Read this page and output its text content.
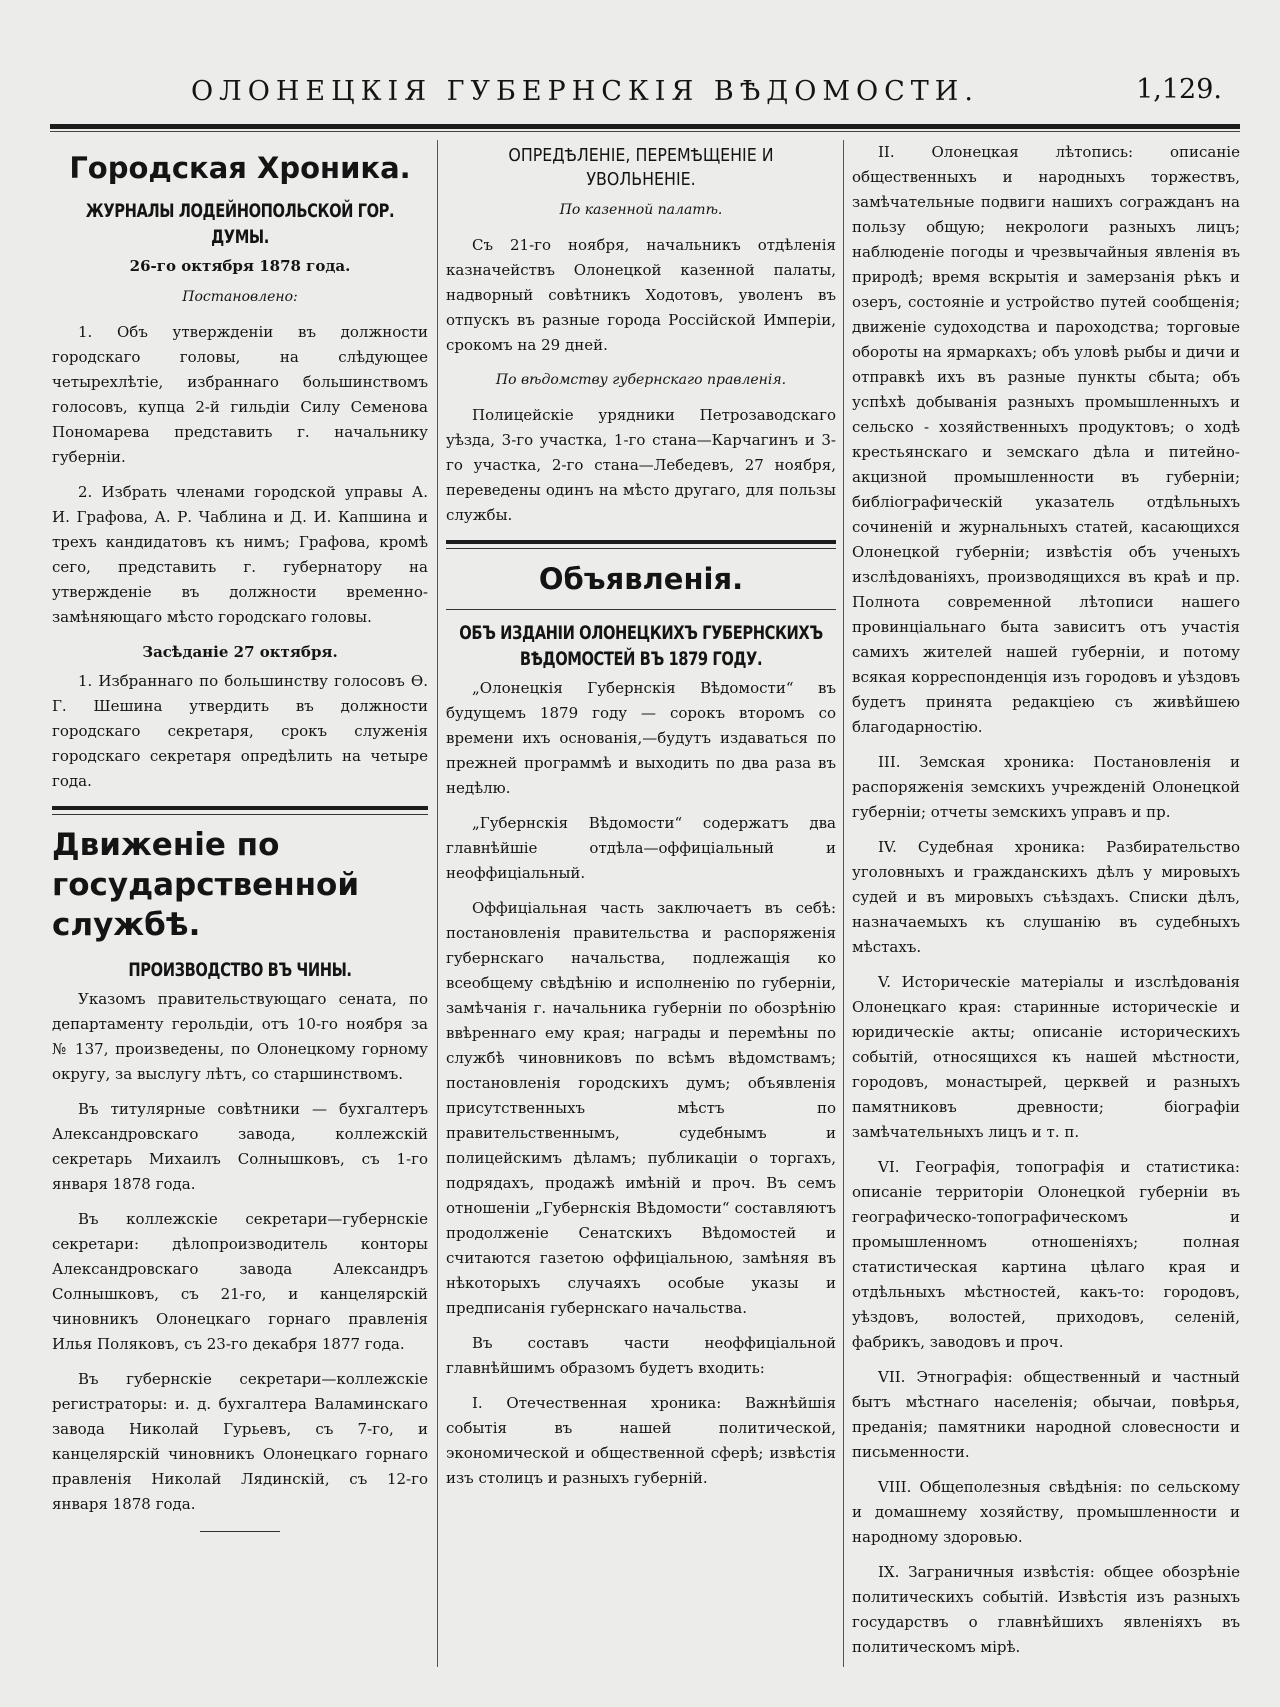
ОЛОНЕЦКІЯ ГУБЕРНСКІЯ ВѢДОМОСТИ.	1,129.
Городская Хроника.
ЖУРНАЛЫ ЛОДЕЙНОПОЛЬСКОЙ ГОР. ДУМЫ.
26-го октября 1878 года.
Постановлено:

1. Объ утвержденіи въ должности городскаго головы, на слѣдующее четырехлѣтіе, избраннаго большинствомъ голосовъ, купца 2-й гильдіи Силу Семенова Пономарева представить г. начальнику губерніи.

2. Избрать членами городской управы А. И. Графова, А. Р. Чаблина и Д. И. Капшина и трехъ кандидатовъ къ нимъ; Графова, кромѣ сего, представить г. губернатору на утвержденіе въ должности временно-замѣняющаго мѣсто городскаго головы.

Засѣданіе 27 октября.

1. Избраннаго по большинству голосовъ Ѳ. Г. Шешина утвердить въ должности городскаго секретаря, срокъ служенія городскаго секретаря опредѣлить на четыре года.

Движеніе по государственной службѣ.
ПРОИЗВОДСТВО ВЪ ЧИНЫ.

Указомъ правительствующаго сената, по департаменту герольдіи, отъ 10-го ноября за № 137, произведены, по Олонецкому горному округу, за выслугу лѣтъ, со старшинствомъ.

Въ титулярные совѣтники — бухгалтеръ Александровскаго завода, коллежскій секретарь Михаилъ Солнышковъ, съ 1-го января 1878 года.

Въ коллежскіе секретари—губернскіе секретари: дѣлопроизводитель конторы Александровскаго завода Александръ Солнышковъ, съ 21-го, и канцелярскій чиновникъ Олонецкаго горнаго правленія Илья Поляковъ, съ 23-го декабря 1877 года.

Въ губернскіе секретари—коллежскіе регистраторы: и. д. бухгалтера Валаминскаго завода Николай Гурьевъ, съ 7-го, и канцелярскій чиновникъ Олонецкаго горнаго правленія Николай Лядинскій, съ 12-го января 1878 года.

ОПРЕДѢЛЕНІЕ, ПЕРЕМѢЩЕНІЕ И УВОЛЬНЕНІЕ.
По казенной палатѣ.

Съ 21-го ноября, начальникъ отдѣленія казначействъ Олонецкой казенной палаты, надворный совѣтникъ Ходотовъ, уволенъ въ отпускъ въ разные города Россійской Имперіи, срокомъ на 29 дней.

По вѣдомству губернскаго правленія.

Полицейскіе урядники Петрозаводскаго уѣзда, 3-го участка, 1-го стана—Карчагинъ и 3-го участка, 2-го стана—Лебедевъ, 27 ноября, переведены одинъ на мѣсто другаго, для пользы службы.

Объявленія.
ОБЪ ИЗДАНІИ ОЛОНЕЦКИХЪ ГУБЕРНСКИХЪ ВѢДОМОСТЕЙ ВЪ 1879 ГОДУ.

„Олонецкія Губернскія Вѣдомости“ въ будущемъ 1879 году — сорокъ второмъ со времени ихъ основанія,—будутъ издаваться по прежней программѣ и выходить по два раза въ недѣлю.

„Губернскія Вѣдомости“ содержатъ два главнѣйшіе отдѣла—оффиціальный и неоффиціальный.

Оффиціальная часть заключаетъ въ себѣ: постановленія правительства и распоряженія губернскаго начальства, подлежащія ко всеобщему свѣдѣнію и исполненію по губерніи, замѣчанія г. начальника губерніи по обозрѣнію ввѣреннаго ему края; награды и перемѣны по службѣ чиновниковъ по всѣмъ вѣдомствамъ; постановленія городскихъ думъ; объявленія присутственныхъ мѣстъ по правительственнымъ, судебнымъ и полицейскимъ дѣламъ; публикаціи о торгахъ, подрядахъ, продажѣ имѣній и проч. Въ семъ отношеніи „Губернскія Вѣдомости“ составляютъ продолженіе Сенатскихъ Вѣдомостей и считаются газетою оффиціальною, замѣняя въ нѣкоторыхъ случаяхъ особые указы и предписанія губернскаго начальства.

Въ составъ части неоффиціальной главнѣйшимъ образомъ будетъ входить:

I. Отечественная хроника: Важнѣйшія событія въ нашей политической, экономической и общественной сферѣ; извѣстія изъ столицъ и разныхъ губерній.

II. Олонецкая лѣтопись: описаніе общественныхъ и народныхъ торжествъ, замѣчательные подвиги нашихъ согражданъ на пользу общую; некрологи разныхъ лицъ; наблюденіе погоды и чрезвычайныя явленія въ природѣ; время вскрытія и замерзанія рѣкъ и озеръ, состояніе и устройство путей сообщенія; движеніе судоходства и пароходства; торговые обороты на ярмаркахъ; объ уловѣ рыбы и дичи и отправкѣ ихъ въ разные пункты сбыта; объ успѣхѣ добыванія разныхъ промышленныхъ и сельско - хозяйственныхъ продуктовъ; о ходѣ крестьянскаго и земскаго дѣла и питейно-акцизной промышленности въ губерніи; библіографическій указатель отдѣльныхъ сочиненій и журнальныхъ статей, касающихся Олонецкой губерніи; извѣстія объ ученыхъ изслѣдованіяхъ, производящихся въ краѣ и пр. Полнота современной лѣтописи нашего провинціальнаго быта зависитъ отъ участія самихъ жителей нашей губерніи, и потому всякая корреспонденція изъ городовъ и уѣздовъ будетъ принята редакціею съ живѣйшею благодарностію.

III. Земская хроника: Постановленія и распоряженія земскихъ учрежденій Олонецкой губерніи; отчеты земскихъ управъ и пр.

IV. Судебная хроника: Разбирательство уголовныхъ и гражданскихъ дѣлъ у мировыхъ судей и въ мировыхъ съѣздахъ. Списки дѣлъ, назначаемыхъ къ слушанію въ судебныхъ мѣстахъ.

V. Историческіе матеріалы и изслѣдованія Олонецкаго края: старинные историческіе и юридическіе акты; описаніе историческихъ событій, относящихся къ нашей мѣстности, городовъ, монастырей, церквей и разныхъ памятниковъ древности; біографіи замѣчательныхъ лицъ и т. п.

VI. Географія, топографія и статистика: описаніе территоріи Олонецкой губерніи въ географическо-топографическомъ и промышленномъ отношеніяхъ; полная статистическая картина цѣлаго края и отдѣльныхъ мѣстностей, какъ-то: городовъ, уѣздовъ, волостей, приходовъ, селеній, фабрикъ, заводовъ и проч.

VII. Этнографія: общественный и частный бытъ мѣстнаго населенія; обычаи, повѣрья, преданія; памятники народной словесности и письменности.

VIII. Общеполезныя свѣдѣнія: по сельскому и домашнему хозяйству, промышленности и народному здоровью.

IX. Заграничныя извѣстія: общее обозрѣніе политическихъ событій. Извѣстія изъ разныхъ государствъ о главнѣйшихъ явленіяхъ въ политическомъ мірѣ.
